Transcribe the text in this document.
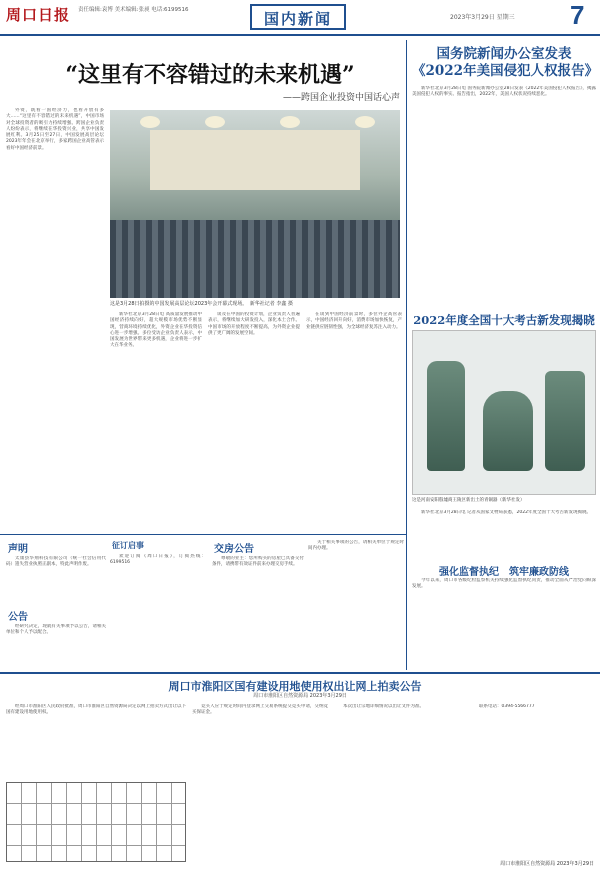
周口日报 责任编辑:袁博 美术编辑:张昶 电话:6199516	国内新闻	2023年3月29日 星期三 7
“这里有不容错过的未来机遇”
——跨国企业投资中国话心声

外资，既看一国经济力，也看开放有多大……“这里有不容错过的未来机遇”，中国市场对全球投资者的吸引力持续增强。跨国企业负责人纷纷表示，将继续在华投资兴业，共享中国发展红利。3月25日至27日，中国发展高层论坛2023年年会在北京举行，多家跨国企业高管表示看好中国经济前景。

这是3月28日拍摄的中国发展高层论坛2023年会开幕式现场。　新华社记者 李鑫 摄

新华社北京3月28日电 高质量发展推动中国经济持续向好，超大规模市场优势不断显现，营商环境持续优化，外资企业在华投资信心进一步增强。多位受访企业负责人表示，中国发展为世界带来更多机遇，企业将进一步扩大在华业务。

谈及在中国的投资计划，企业负责人普遍表示，将继续加大研发投入，深化本土合作。中国市场的开放程度不断提高，为外资企业提供了更广阔的发展空间。

在谈到中国经济前景时，多位外企高管表示，中国经济回升向好，消费市场加快恢复，产业链供应链韧性强，为全球经济复苏注入动力。

国务院新闻办公室发表《2022年美国侵犯人权报告》

新华社北京3月28日电 国务院新闻办公室28日发表《2022年美国侵犯人权报告》，揭露美国侵犯人权的事实。报告指出，2022年，美国人权状况持续恶化。

2022年度全国十大考古新发现揭晓
这是河南安阳殷墟商王陵区新出土的青铜器（新华社发）

新华社北京3月28日电 记者从国家文物局获悉，2022年度全国十大考古新发现揭晓。

强化监督执纪　筑牢廉政防线

今年以来，周口市各级纪检监察机关持续强化监督执纪问责，推动全面从严治党向纵深发展。

声明

太康县华翔科技有限公司（统一社会信用代码）遗失营业执照正副本，特此声明作废。

公告

经研究决定，现就有关事项予以公告，请相关单位和个人予以配合。

征订启事

欢迎订阅《周口日报》，订阅热线：6199516

交房公告

尊敬的业主：您所购买的房屋已具备交付条件，请携带有效证件前来办理交房手续。

关于相关事项的公告，请相关单位于规定时间内办理。

周口市淮阳区国有建设用地使用权出让网上拍卖公告
周口市淮阳区自然资源局 2023年3月29日

经周口市淮阳区人民政府批准，周口市淮阳区自然资源局决定以网上拍卖方式出让以下国有建设用地使用权。

竞买人应于规定时间内登录网上交易系统提交竞买申请，交纳竞买保证金。

本次出让宗地详细情况以出让文件为准。	联系电话：0394-5566777

周口市淮阳区自然资源局 2023年3月29日
